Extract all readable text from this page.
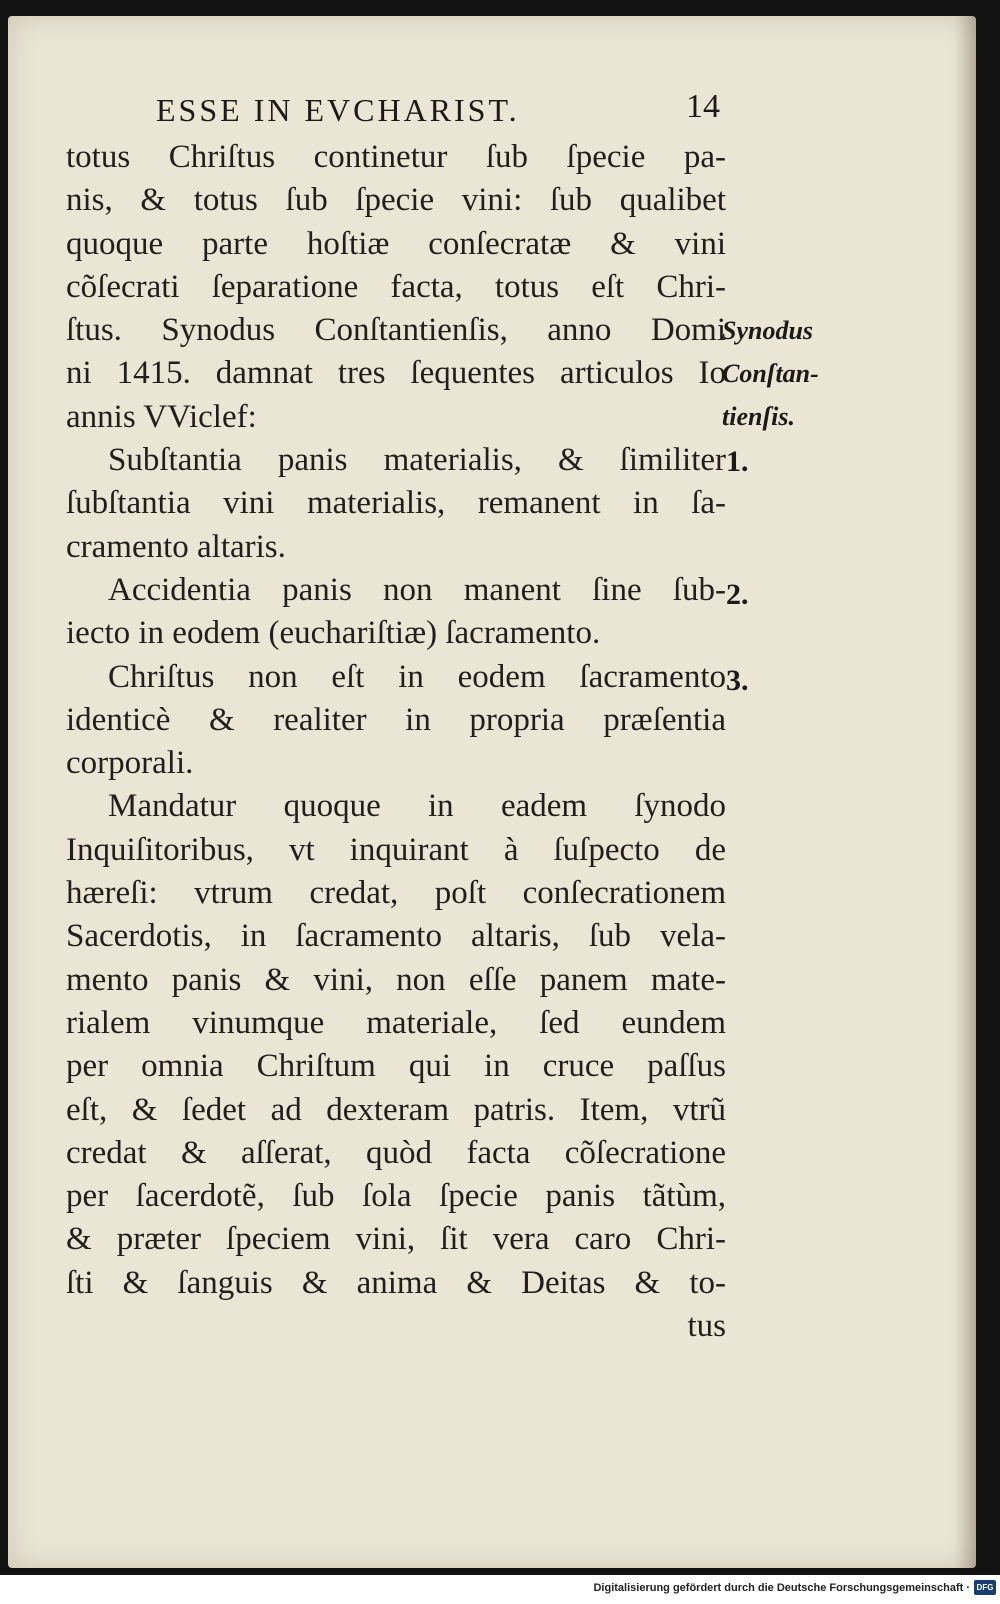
ESSE IN EVCHARIST.	14
totus Chriſtus continetur ſub ſpecie pa-
nis, & totus ſub ſpecie vini: ſub qualibet
quoque parte hoſtiæ conſecratæ & vini
cõſecrati ſeparatione facta, totus eſt Chri-
ſtus. Synodus Conſtantienſis, anno Domi
ni 1415. damnat tres ſequentes articulos Io
annis VViclef:
Subſtantia panis materialis, & ſimiliter
ſubſtantia vini materialis, remanent in ſa-
cramento altaris.
Accidentia panis non manent ſine ſub-
iecto in eodem (euchariſtiæ) ſacramento.
Chriſtus non eſt in eodem ſacramento
identicè & realiter in propria præſentia
corporali.
Mandatur quoque in eadem ſynodo
Inquiſitoribus, vt inquirant à ſuſpecto de
hæreſi: vtrum credat, poſt conſecrationem
Sacerdotis, in ſacramento altaris, ſub vela-
mento panis & vini, non eſſe panem mate-
rialem vinumque materiale, ſed eundem
per omnia Chriſtum qui in cruce paſſus
eſt, & ſedet ad dexteram patris. Item, vtrũ
credat & aſſerat, quòd facta cõſecratione
per ſacerdotẽ, ſub ſola ſpecie panis tãtùm,
& præter ſpeciem vini, ſit vera caro Chri-
ſti & ſanguis & anima & Deitas & to-
tus
Synodus
Conſtan-
tienſis.
1.
2.
3.
Digitalisierung gefördert durch die Deutsche Forschungsgemeinschaft · DFG
